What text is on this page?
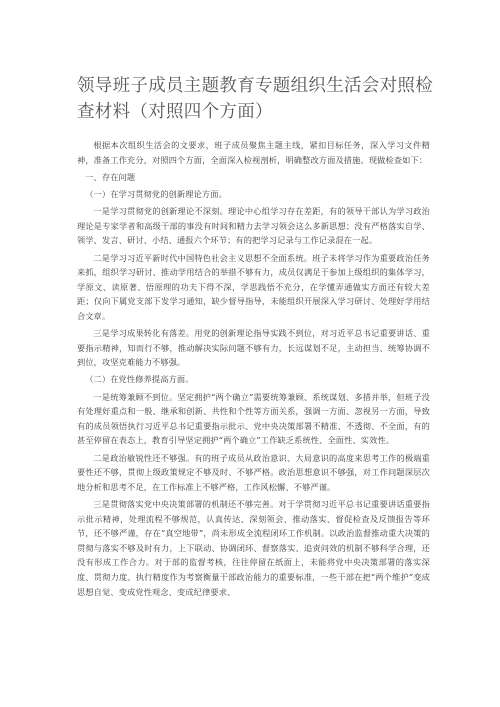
领导班子成员主题教育专题组织生活会对照检查材料（对照四个方面）

根据本次组织生活会的文要求，班子成员聚焦主题主线，紧扣目标任务，深入学习文件精神，准备工作充分，对照四个方面，全面深入检视剖析，明确整改方面及措施。现做检查如下：

一、存在问题

（一）在学习贯彻党的创新理论方面。

一是学习贯彻党的创新理论不深刻。理论中心组学习存在差距，有的领导干部认为学习政治理论是专家学者和高级干部的事没有时间和精力去学习领会这么多新思想；没有严格落实自学、领学、发言、研讨、小结、通报六个环节；有的把学习记录与工作记录混在一起。

二是学习习近平新时代中国特色社会主义思想不全面系统。班子未将学习作为重要政治任务来抓，组织学习研讨、推动学用结合的举措不够有力，成员仅满足于参加上级组织的集体学习，学原文、读原著、悟原理的功夫下得不深，学思践悟不充分，在学懂弄通做实方面还有较大差距；仅向下属党支部下发学习通知，缺少督导指导，未能组织开展深入学习研讨、处理好学用结合文章。

三是学习成果转化有落差。用党的创新理论指导实践不到位，对习近平总书记重要讲话、重要指示精神，知而行不够，推动解决实际问题不够有力，长远谋划不足，主动担当、统筹协调不到位，攻坚克难能力不够强。

（二）在党性修养提高方面。

一是统筹兼顾不到位。坚定拥护“两个确立”需要统筹兼顾、系统谋划、多措并举，但班子没有处理好重点和一般、继承和创新、共性和个性等方面关系，强调一方面、忽视另一方面，导致有的成员领悟执行习近平总书记重要指示批示、党中央决策部署不精准、不透彻、不全面，有的甚至停留在表态上，教育引导坚定拥护“两个确立”工作缺乏系统性、全面性、实效性。

二是政治敏锐性还不够强。有的班子成员从政治意识、大局意识的高度来思考工作的极端重要性还不够，贯彻上级政策规定不够及时、不够严格。政治思想意识不够强，对工作问题深层次地分析和思考不足，在工作标准上不够严格，工作风松懈、不够严谨。

三是贯彻落实党中央决策部署的机制还不够完善。对于学贯彻习近平总书记重要讲话重要指示批示精神，处理流程不够规范，认真传达、深刻领会、推动落实、督促检查及反馈报告等环节，还不够严谨，存在“真空地带”，尚未形成全流程闭环工作机制。以政治监督推动重大决策的贯彻与落实不够及时有力，上下联动、协调闭环、督察落实、追责问效的机制不够科学合理，还没有形成工作合力。对于部的监督考核，往往停留在纸面上，未能将党中央决策部署的落实深度、贯彻力度、执行精度作为考察衡量干部政治能力的重要标准，一些干部在把“两个维护”变成思想自觉、变成党性观念、变成纪律要求、
